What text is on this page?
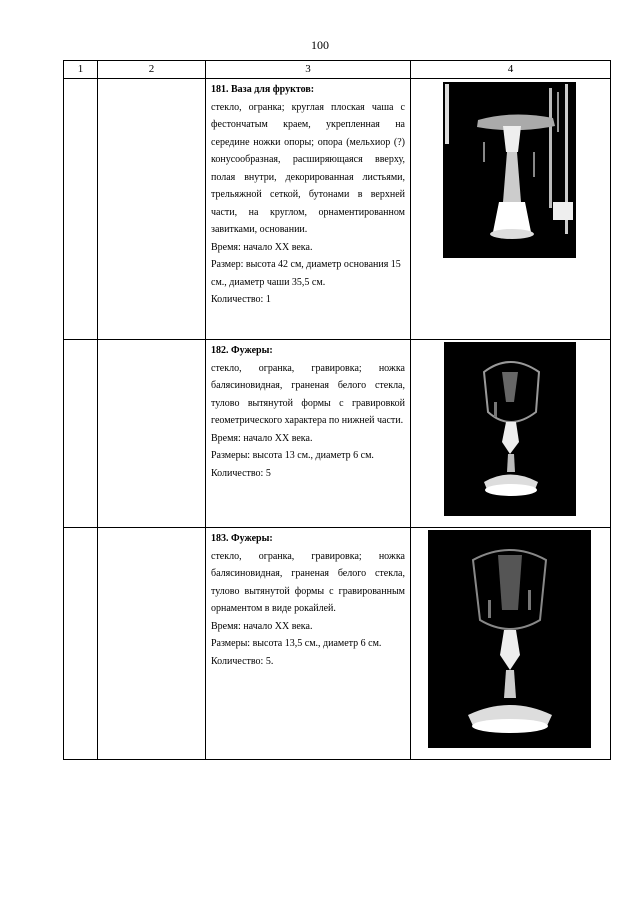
100
1	2	3	4

		181. Ваза для фруктов:
стекло, огранка; круглая плоская чаша с фестончатым краем, укрепленная на середине ножки опоры; опора (мельхиор (?) конусообразная, расширяющаяся вверху, полая внутри, декорированная листьями, трельяжной сеткой, бутонами в верхней части, на круглом, орнаментированном завитками, основании.
Время: начало ХХ века.
Размер: высота 42 см, диаметр основания 15 см., диаметр чаши 35,5 см.
Количество: 1

		182. Фужеры:
стекло, огранка, гравировка; ножка балясиновидная, граненая белого стекла, тулово вытянутой формы с гравировкой геометрического характера по нижней части.
Время: начало ХХ века.
Размеры: высота 13 см., диаметр 6 см.
Количество: 5

		183. Фужеры:
стекло, огранка, гравировка; ножка балясиновидная, граненая белого стекла, тулово вытянутой формы с гравированным орнаментом в виде рокайлей.
Время: начало ХХ века.
Размеры: высота 13,5 см., диаметр 6 см.
Количество: 5.
